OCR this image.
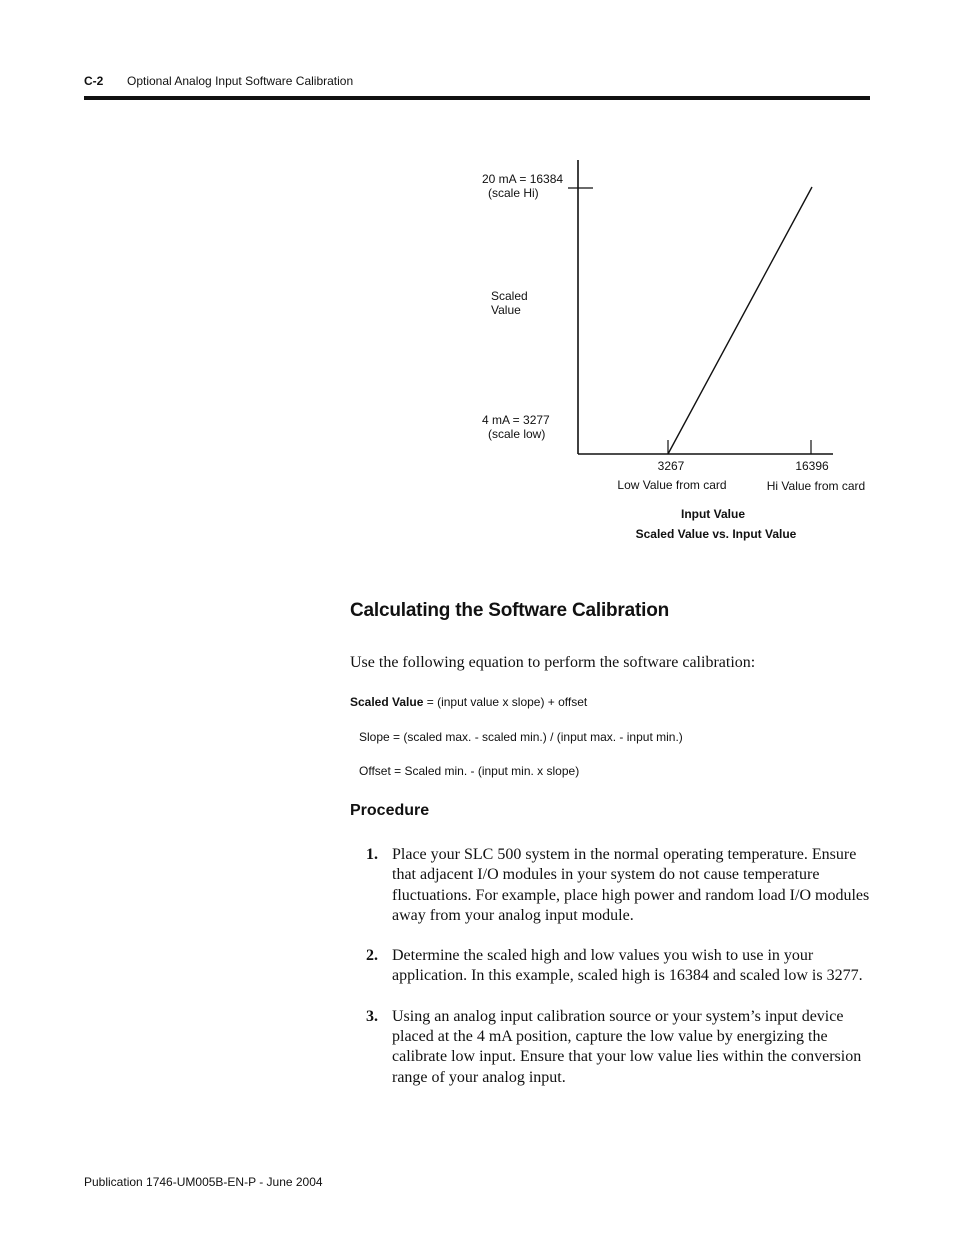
C-2 Optional Analog Input Software Calibration
20 mA = 16384
(scale Hi)
Scaled
Value
4 mA = 3277
(scale low)
3267
Low Value from card
16396
Hi Value from card
Input Value
Scaled Value vs. Input Value
Calculating the Software Calibration
Use the following equation to perform the software calibration:
Scaled Value = (input value x slope) + offset
Slope = (scaled max. - scaled min.) / (input max. - input min.)
Offset = Scaled min. - (input min. x slope)
Procedure
1. Place your SLC 500 system in the normal operating temperature. Ensure that adjacent I/O modules in your system do not cause temperature fluctuations. For example, place high power and random load I/O modules away from your analog input module.
2. Determine the scaled high and low values you wish to use in your application. In this example, scaled high is 16384 and scaled low is 3277.
3. Using an analog input calibration source or your system’s input device placed at the 4 mA position, capture the low value by energizing the calibrate low input. Ensure that your low value lies within the conversion range of your analog input.
Publication 1746-UM005B-EN-P - June 2004
